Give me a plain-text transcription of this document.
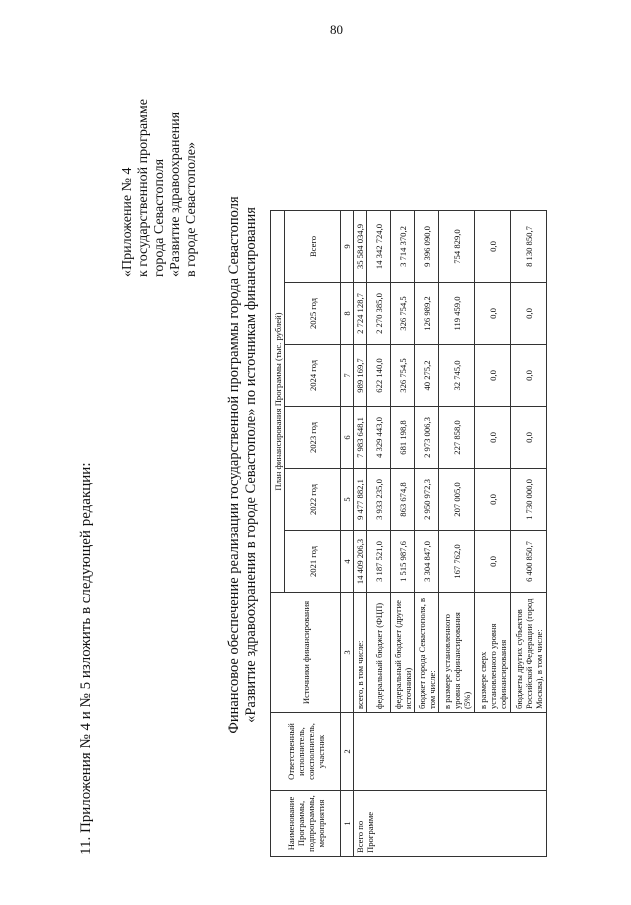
80
11. Приложения № 4 и № 5 изложить в следующей редакции:
«Приложение № 4 к государственной программе города Севастополя «Развитие здравоохранения в городе Севастополе» Финансовое обеспечение реализации государственной программы города Севастополя «Развитие здравоохранения в городе Севастополе» по источникам финансирования
Наименование Программы, подпрограммы, мероприятия	Ответственный исполнитель, соисполнитель, участник	Источники финансирования	План финансирования Программы (тыс. рублей)					
			2021 год	2022 год	2023 год	2024 год	2025 год	Всего
1	2	3	4	5	6	7	8	9
Всего по Программе		всего, в том числе:	14 409 206,3	9 477 882,1	7 983 648,1	989 169,7	2 724 128,7	35 584 034,9
		федеральный бюджет (ФЦП)	3 187 521,0	3 933 235,0	4 329 443,0	622 140,0	2 270 385,0	14 342 724,0
		федеральный бюджет (другие источники)	1 515 987,6	863 674,8	681 198,8	326 754,5	326 754,5	3 714 370,2
		бюджет города Севастополя, в том числе:	3 304 847,0	2 950 972,3	2 973 006,3	40 275,2	126 989,2	9 396 090,0
		в размере установленного уровня софинансирования (5%)	167 762,0	207 005,0	227 858,0	32 745,0	119 459,0	754 829,0
		в размере сверх установленного уровня софинансирования	0,0	0,0	0,0	0,0	0,0	0,0
		бюджеты других субъектов Российской Федерации (город Москва), в том числе:	6 400 850,7	1 730 000,0	0,0	0,0	0,0	8 130 850,7
